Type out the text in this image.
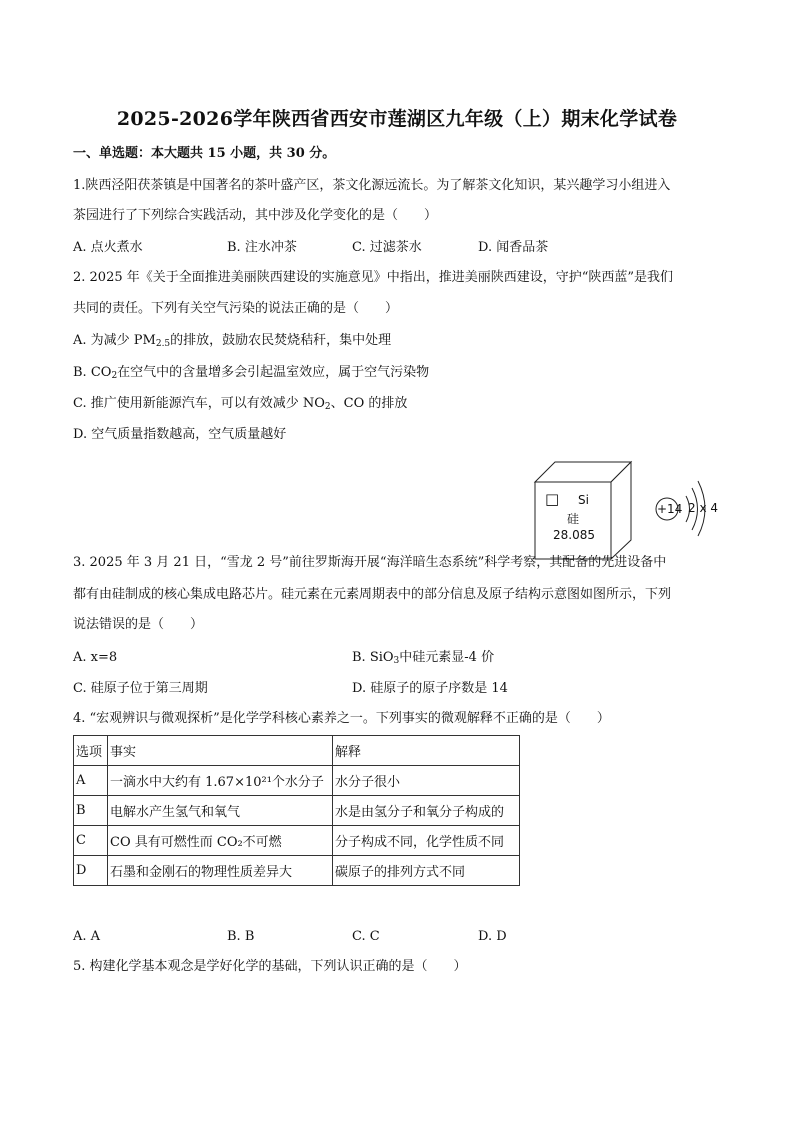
2025-2026学年陕西省西安市莲湖区九年级（上）期末化学试卷
一、单选题：本大题共 15 小题，共 30 分。
1.陕西泾阳茯茶镇是中国著名的茶叶盛产区，茶文化源远流长。为了解茶文化知识，某兴趣学习小组进入
茶园进行了下列综合实践活动，其中涉及化学变化的是（　　）
A. 点火煮水	B. 注水冲茶	C. 过滤茶水	D. 闻香品茶
2. 2025 年《关于全面推进美丽陕西建设的实施意见》中指出，推进美丽陕西建设，守护“陕西蓝”是我们
共同的责任。下列有关空气污染的说法正确的是（　　）
A. 为减少 $PM_{2.5}$的排放，鼓励农民焚烧秸秆，集中处理
B. $CO_2$在空气中的含量增多会引起温室效应，属于空气污染物
C. 推广使用新能源汽车，可以有效减少 $NO_2$、CO 的排放
D. 空气质量指数越高，空气质量越好
□ Si
硅
28.085
+14 2 x 4
3. 2025 年 3 月 21 日，“雪龙 2 号”前往罗斯海开展“海洋暗生态系统”科学考察，其配备的先进设备中
都有由硅制成的核心集成电路芯片。硅元素在元素周期表中的部分信息及原子结构示意图如图所示，下列
说法错误的是（　　）
A. x=8	B. SiO$_3$中硅元素显-4 价
C. 硅原子位于第三周期	D. 硅原子的原子序数是 14
4. “宏观辨识与微观探析”是化学学科核心素养之一。下列事实的微观解释不正确的是（　　）
选项	事实	解释
A	一滴水中大约有 1.67×10²¹个水分子	水分子很小
B	电解水产生氢气和氧气	水是由氢分子和氧分子构成的
C	CO 具有可燃性而 CO₂不可燃	分子构成不同，化学性质不同
D	石墨和金刚石的物理性质差异大	碳原子的排列方式不同
A. A	B. B	C. C	D. D
5. 构建化学基本观念是学好化学的基础，下列认识正确的是（　　）
